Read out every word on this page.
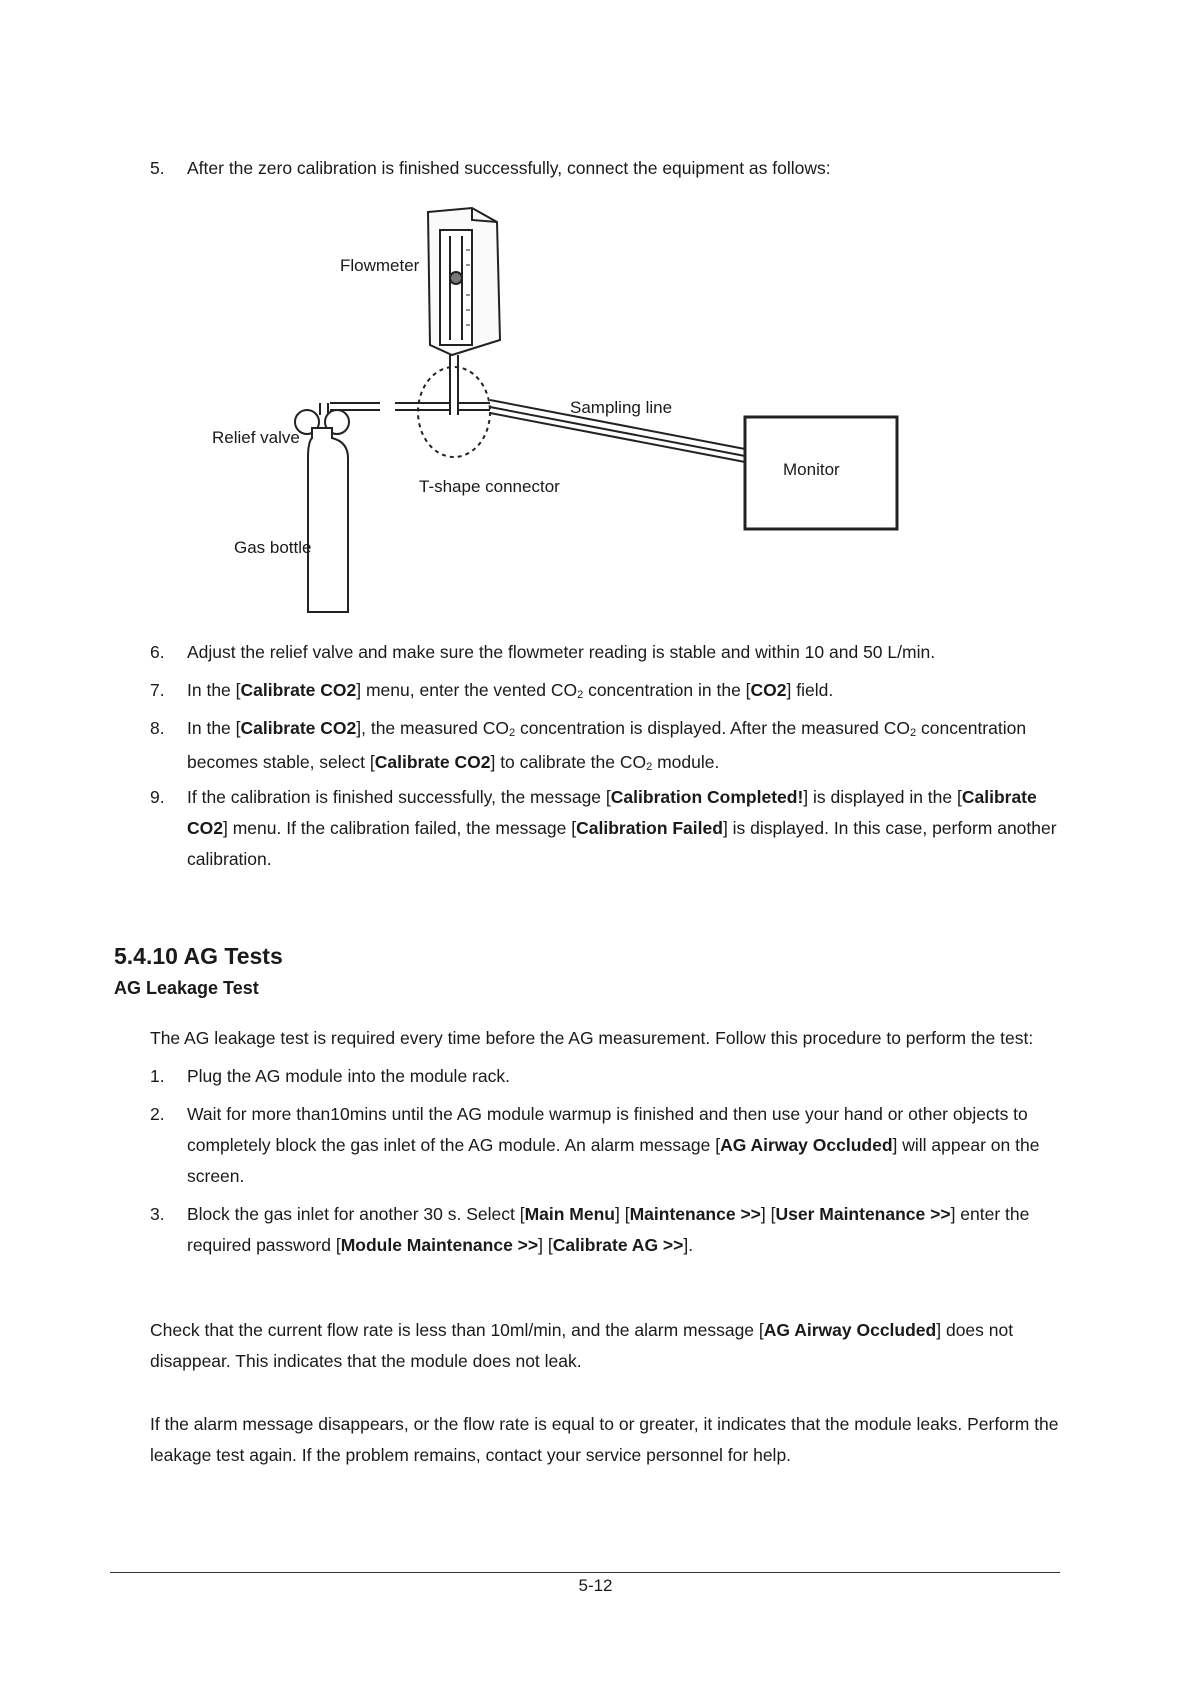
5. After the zero calibration is finished successfully, connect the equipment as follows:
Flowmeter
Sampling line
Relief valve
Monitor
T-shape connector
Gas bottle
6. Adjust the relief valve and make sure the flowmeter reading is stable and within 10 and 50 L/min.
7. In the [Calibrate CO2] menu, enter the vented $CO_2$ concentration in the [CO2] field.
8. In the [Calibrate CO2], the measured $CO_2$ concentration is displayed. After the measured $CO_2$ concentration becomes stable, select [Calibrate CO2] to calibrate the $CO_2$ module.
9. If the calibration is finished successfully, the message [Calibration Completed!] is displayed in the [Calibrate CO2] menu. If the calibration failed, the message [Calibration Failed] is displayed. In this case, perform another calibration.
5.4.10 AG Tests
AG Leakage Test
The AG leakage test is required every time before the AG measurement. Follow this procedure to perform the test:
1. Plug the AG module into the module rack.
2. Wait for more than10mins until the AG module warmup is finished and then use your hand or other objects to completely block the gas inlet of the AG module. An alarm message [AG Airway Occluded] will appear on the screen.
3. Block the gas inlet for another 30 s. Select [Main Menu] [Maintenance >>] [User Maintenance >>] enter the required password [Module Maintenance >>] [Calibrate AG >>].
Check that the current flow rate is less than 10ml/min, and the alarm message [AG Airway Occluded] does not disappear. This indicates that the module does not leak.
If the alarm message disappears, or the flow rate is equal to or greater, it indicates that the module leaks. Perform the leakage test again. If the problem remains, contact your service personnel for help.
5-12
